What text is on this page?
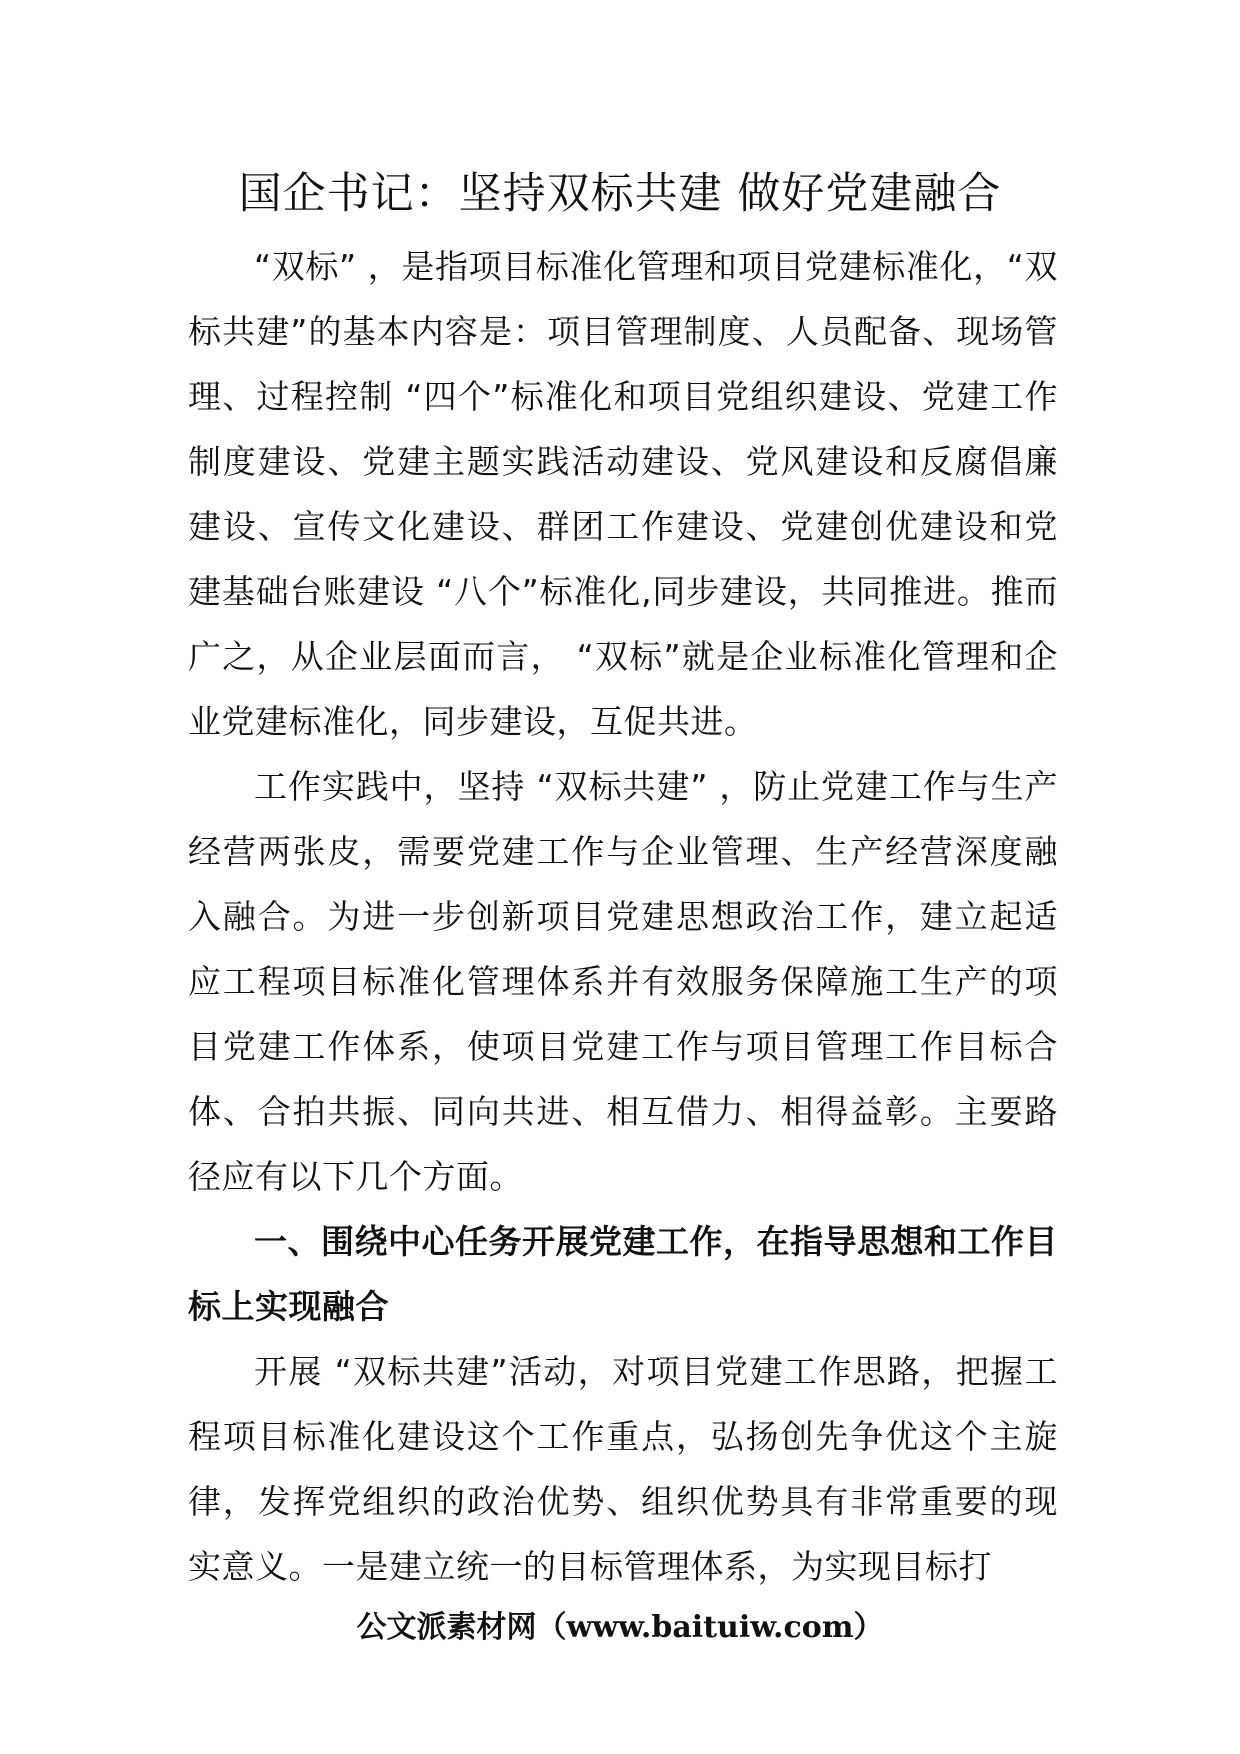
国企书记：坚持双标共建 做好党建融合

“双标” ，是指项目标准化管理和项目党建标准化，“双标共建”的基本内容是：项目管理制度、人员配备、现场管理、过程控制 “四个”标准化和项目党组织建设、党建工作制度建设、党建主题实践活动建设、党风建设和反腐倡廉建设、宣传文化建设、群团工作建设、党建创优建设和党建基础台账建设 “八个”标准化,同步建设，共同推进。推而广之，从企业层面而言， “双标”就是企业标准化管理和企业党建标准化，同步建设，互促共进。

工作实践中，坚持 “双标共建” ，防止党建工作与生产经营两张皮，需要党建工作与企业管理、生产经营深度融入融合。为进一步创新项目党建思想政治工作，建立起适应工程项目标准化管理体系并有效服务保障施工生产的项目党建工作体系，使项目党建工作与项目管理工作目标合体、合拍共振、同向共进、相互借力、相得益彰。主要路径应有以下几个方面。

一、围绕中心任务开展党建工作，在指导思想和工作目标上实现融合

开展 “双标共建”活动，对项目党建工作思路，把握工程项目标准化建设这个工作重点，弘扬创先争优这个主旋律，发挥党组织的政治优势、组织优势具有非常重要的现实意义。一是建立统一的目标管理体系，为实现目标打

公文派素材网（www.baituiw.com）
